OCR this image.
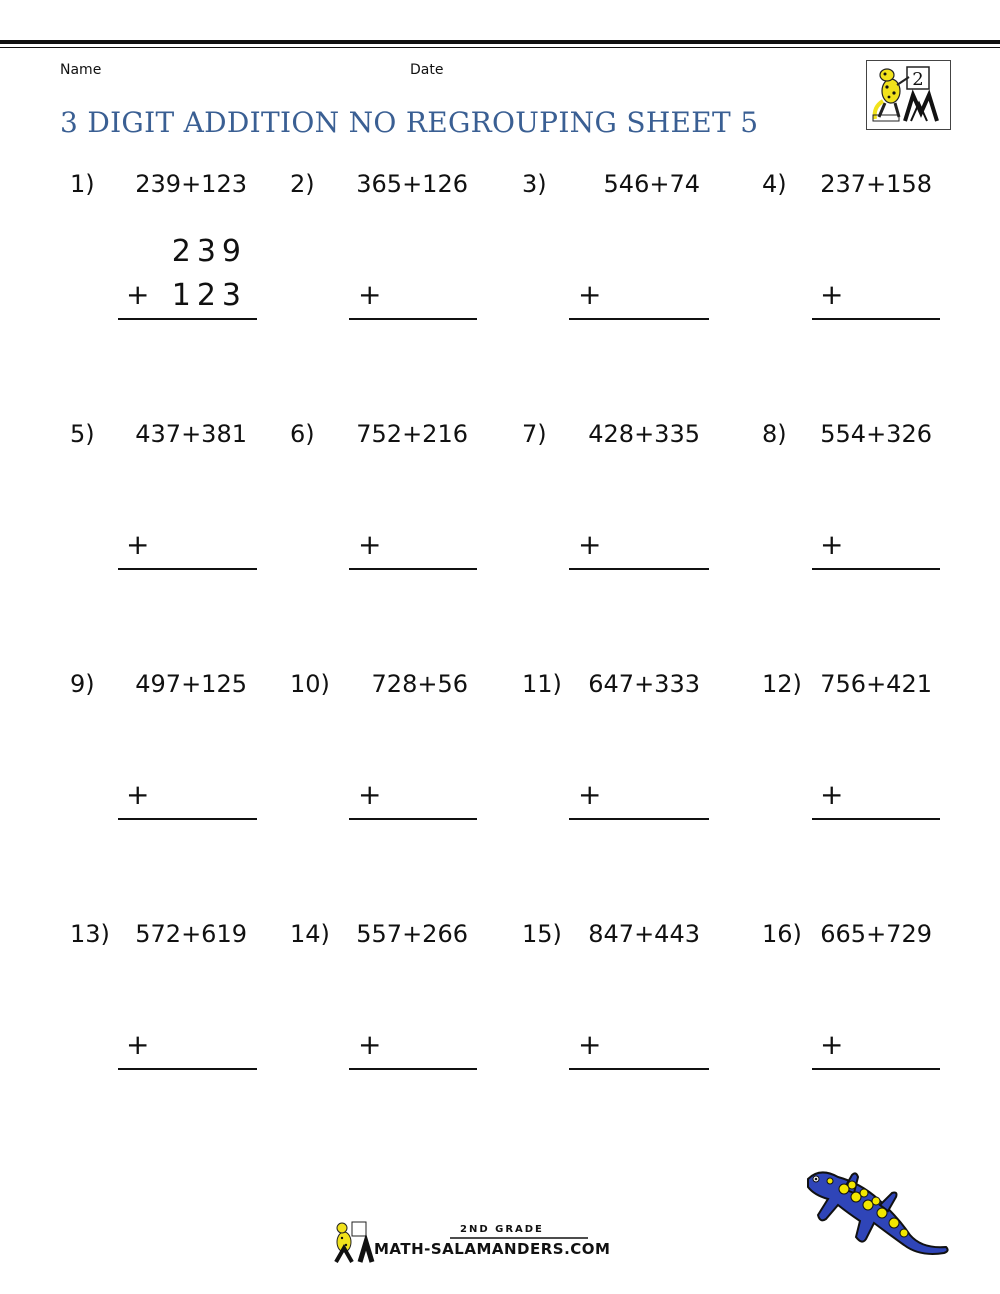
Name	Date
3 DIGIT ADDITION NO REGROUPING SHEET 5
2
1)	239+123
239
123
+
2)	365+126
+
3)	546+74
+
4)	237+158
+
5)	437+381
+
6)	752+216
+
7)	428+335
+
8)	554+326
+
9)	497+125
+
10)	728+56
+
11)	647+333
+
12) 756+421
+
13)	572+619
+
14)	557+266
+
15)	847+443
+
16) 665+729
+
2ND GRADE
MATH-SALAMANDERS.COM
